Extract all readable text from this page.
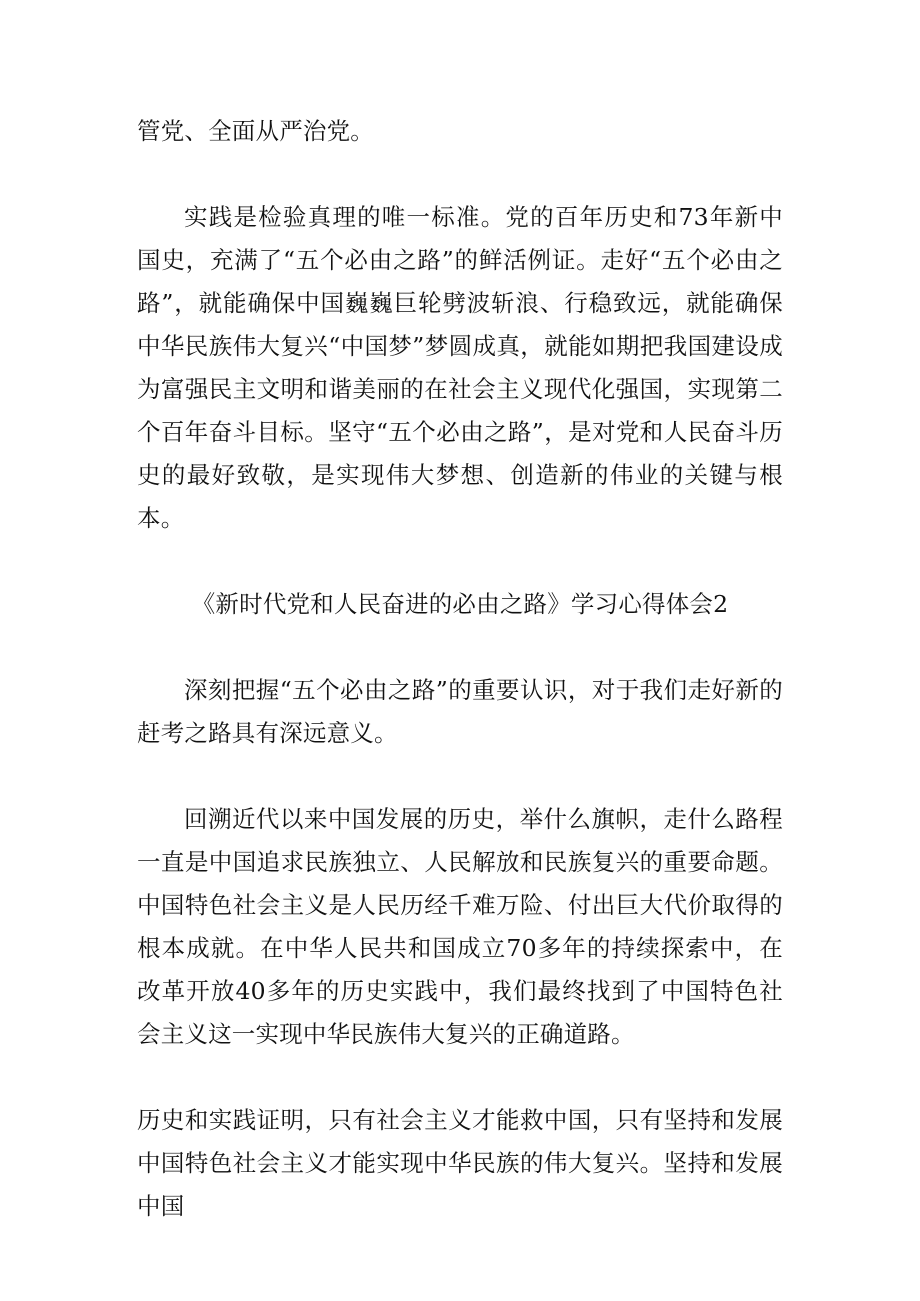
管党、全面从严治党。

实践是检验真理的唯一标准。党的百年历史和73年新中国史，充满了“五个必由之路”的鲜活例证。走好“五个必由之路”，就能确保中国巍巍巨轮劈波斩浪、行稳致远，就能确保中华民族伟大复兴“中国梦”梦圆成真，就能如期把我国建设成为富强民主文明和谐美丽的在社会主义现代化强国，实现第二个百年奋斗目标。坚守“五个必由之路”，是对党和人民奋斗历史的最好致敬，是实现伟大梦想、创造新的伟业的关键与根本。

《新时代党和人民奋进的必由之路》学习心得体会2

深刻把握“五个必由之路”的重要认识，对于我们走好新的赶考之路具有深远意义。

回溯近代以来中国发展的历史，举什么旗帜，走什么路程一直是中国追求民族独立、人民解放和民族复兴的重要命题。中国特色社会主义是人民历经千难万险、付出巨大代价取得的根本成就。在中华人民共和国成立70多年的持续探索中，在改革开放40多年的历史实践中，我们最终找到了中国特色社会主义这一实现中华民族伟大复兴的正确道路。

历史和实践证明，只有社会主义才能救中国，只有坚持和发展中国特色社会主义才能实现中华民族的伟大复兴。坚持和发展中国
